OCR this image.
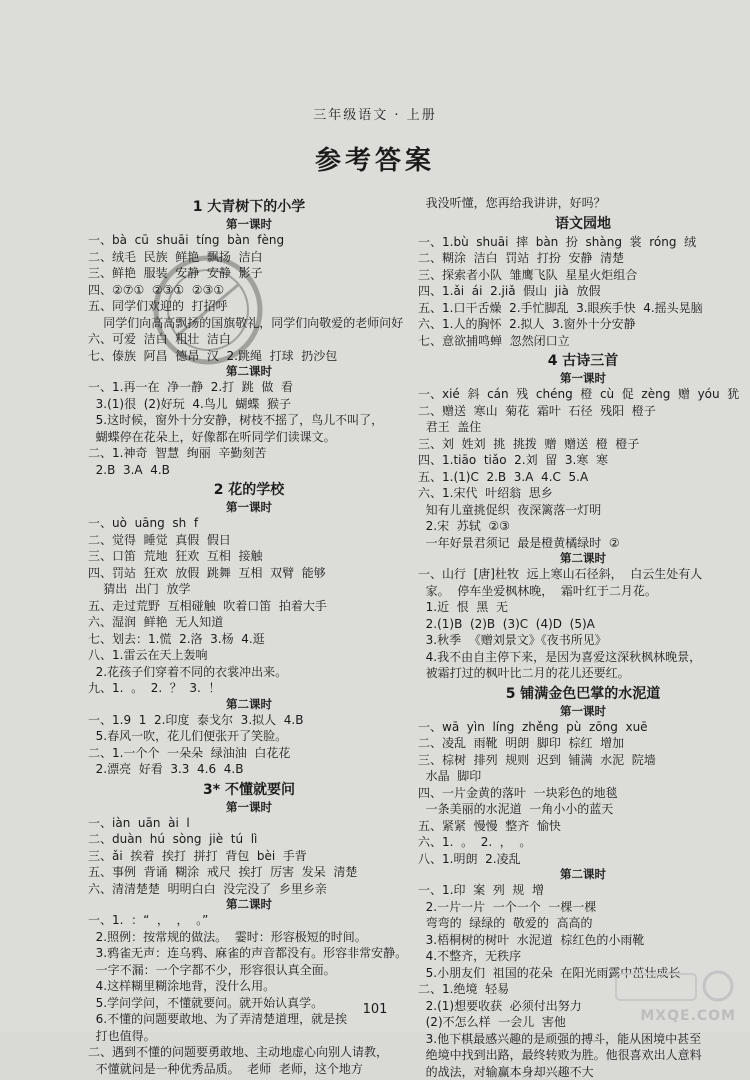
三年级语文 · 上册
参考答案
1 大青树下的小学
第一课时
一、bà  cū  shuāi  tíng  bàn  fèng
二、绒毛  民族  鲜艳  飘扬  洁白
三、鲜艳  服装  安静  安静  影子
四、②⑦①  ②③①  ②③①
五、同学们欢迎的  打招呼
同学们向高高飘扬的国旗敬礼，同学们向敬爱的老师问好
六、可爱  洁白  粗壮  洁白
七、傣族  阿昌  德昂  汉  2.跳绳  打球  扔沙包
第二课时
一、1.再一在  净一静  2.打  跳  做  看
3.(1)很  (2)好玩  4.鸟儿  蝴蝶  猴子
5.这时候，窗外十分安静，树枝不摇了，鸟儿不叫了，
蝴蝶停在花朵上，好像都在听同学们读课文。
二、1.神奇  智慧  绚丽  辛勤刻苦
2.B  3.A  4.B
2 花的学校
第一课时
一、uò  uāng  sh  f
二、觉得  睡觉  真假  假日
三、口笛  荒地  狂欢  互相  接触
四、罚站  狂欢  放假  跳舞  互相  双臂  能够
猜出  出门  放学
五、走过荒野  互相碰触  吹着口笛  拍着大手
六、湿润  鲜艳  无人知道
七、划去：1.慌  2.洛  3.杨  4.逛
八、1.雷云在天上轰响
2.花孩子们穿着不同的衣裳冲出来。
九、1.  。  2.  ？  3.  ！
第二课时
一、1.9  1  2.印度  泰戈尔  3.拟人  4.B
5.春风一吹，花儿们便张开了笑脸。
二、1.一个个  一朵朵  绿油油  白花花
2.漂亮  好看  3.3  4.6  4.B
3* 不懂就要问
第一课时
一、iàn  uān  ài  l
二、duàn  hú  sòng  jiè  tú  lì
三、ǎi  挨着  挨打  拼打  背包  bèi  手背
五、事例  背诵  糊涂  戒尺  挨打  厉害  发呆  清楚
六、清清楚楚  明明白白  没完没了  乡里乡亲
第二课时
一、1.  ：“  ，  ，  。”
2.照例：按常规的做法。  霎时：形容极短的时间。
3.鸦雀无声：连乌鸦、麻雀的声音都没有。形容非常安静。
一字不漏：一个字都不少，形容很认真全面。
4.这样糊里糊涂地背，没什么用。
5.学问学问，不懂就要问。就开始认真学。
6.不懂的问题要敢地、为了弄清楚道理，就是挨
打也值得。
二、遇到不懂的问题要勇敢地、主动地虚心向别人请教，
不懂就问是一种优秀品质。  老师  老师，这个地方
我没听懂，您再给我讲讲，好吗？
语文园地
一、1.bù  shuāi  摔  bàn  扮  shàng  裳  róng  绒
二、糊涂  洁白  罚站  打扮  安静  清楚
三、探索者小队  雏鹰飞队  星星火炬组合
四、1.ǎi  ái  2.jiǎ  假山  jià  放假
五、1.口干舌燥  2.手忙脚乱  3.眼疾手快  4.摇头晃脑
六、1.人的胸怀  2.拟人  3.窗外十分安静
七、意欲捕鸣蝉  忽然闭口立
4 古诗三首
第一课时
一、xié  斜  cán  残  chéng  橙  cù  促  zèng  赠  yóu  犹
二、赠送  寒山  菊花  霜叶  石径  残阳  橙子
君王  盖住
三、刘  姓刘  挑  挑拨  赠  赠送  橙  橙子
四、1.tiāo  tiǎo  2.刘  留  3.寒  寒
五、1.(1)C  2.B  3.A  4.C  5.A
六、1.宋代  叶绍翁  思乡
知有儿童挑促织  夜深篱落一灯明
2.宋  苏轼  ②③
一年好景君须记  最是橙黄橘绿时  ②
第二课时
一、山行  [唐]杜牧  远上寒山石径斜，  白云生处有人
家。  停车坐爱枫林晚，  霜叶红于二月花。
1.近  恨  黑  无
2.(1)B  (2)B  (3)C  (4)D  (5)A
3.秋季  《赠刘景文》《夜书所见》
4.我不由自主停下来，是因为喜爱这深秋枫林晚景，
被霜打过的枫叶比二月的花儿还要红。
5 铺满金色巴掌的水泥道
第一课时
一、wā  yìn  líng  zhěng  pù  zōng  xuē
二、凌乱  雨靴  明朗  脚印  棕红  增加
三、棕树  排列  规则  迟到  铺满  水泥  院墙
水晶  脚印
四、一片金黄的落叶  一块彩色的地毯
一条美丽的水泥道  一角小小的蓝天
五、紧紧  慢慢  整齐  愉快
六、1.  。  2.  ，  。
八、1.明朗  2.凌乱
第二课时
一、1.印  案  列  规  增
2.一片一片  一个一个  一棵一棵
弯弯的  绿绿的  敬爱的  高高的
3.梧桐树的树叶  水泥道  棕红色的小雨靴
4.不整齐，无秩序
5.小朋友们  祖国的花朵  在阳光雨露中茁壮成长
二、1.绝境  轻易
2.(1)想要收获  必须付出努力
(2)不怎么样  一会儿  害他
3.他下棋最感兴趣的是顽强的搏斗，能从困境中甚至
绝境中找到出路，最终转败为胜。他很喜欢出人意料
的战法，对输赢本身却兴趣不大
101	MXQE.COM
